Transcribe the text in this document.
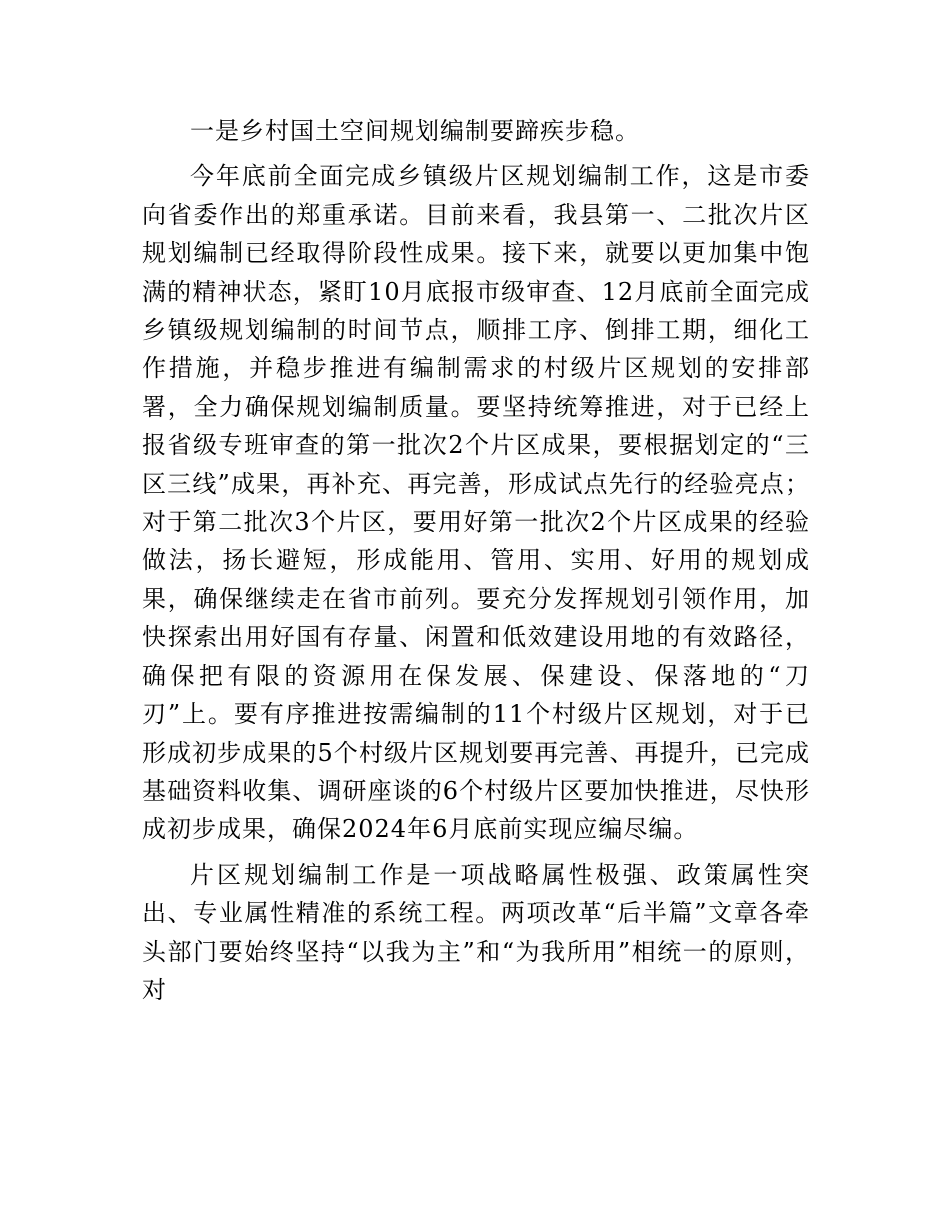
一是乡村国土空间规划编制要蹄疾步稳。

今年底前全面完成乡镇级片区规划编制工作，这是市委向省委作出的郑重承诺。目前来看，我县第一、二批次片区规划编制已经取得阶段性成果。接下来，就要以更加集中饱满的精神状态，紧盯10月底报市级审查、12月底前全面完成乡镇级规划编制的时间节点，顺排工序、倒排工期，细化工作措施，并稳步推进有编制需求的村级片区规划的安排部署，全力确保规划编制质量。要坚持统筹推进，对于已经上报省级专班审查的第一批次2个片区成果，要根据划定的“三区三线”成果，再补充、再完善，形成试点先行的经验亮点；对于第二批次3个片区，要用好第一批次2个片区成果的经验做法，扬长避短，形成能用、管用、实用、好用的规划成果，确保继续走在省市前列。要充分发挥规划引领作用，加快探索出用好国有存量、闲置和低效建设用地的有效路径，确保把有限的资源用在保发展、保建设、保落地的“刀刃”上。要有序推进按需编制的11个村级片区规划，对于已形成初步成果的5个村级片区规划要再完善、再提升，已完成基础资料收集、调研座谈的6个村级片区要加快推进，尽快形成初步成果，确保2024年6月底前实现应编尽编。

片区规划编制工作是一项战略属性极强、政策属性突出、专业属性精准的系统工程。两项改革“后半篇”文章各牵头部门要始终坚持“以我为主”和“为我所用”相统一的原则，对
